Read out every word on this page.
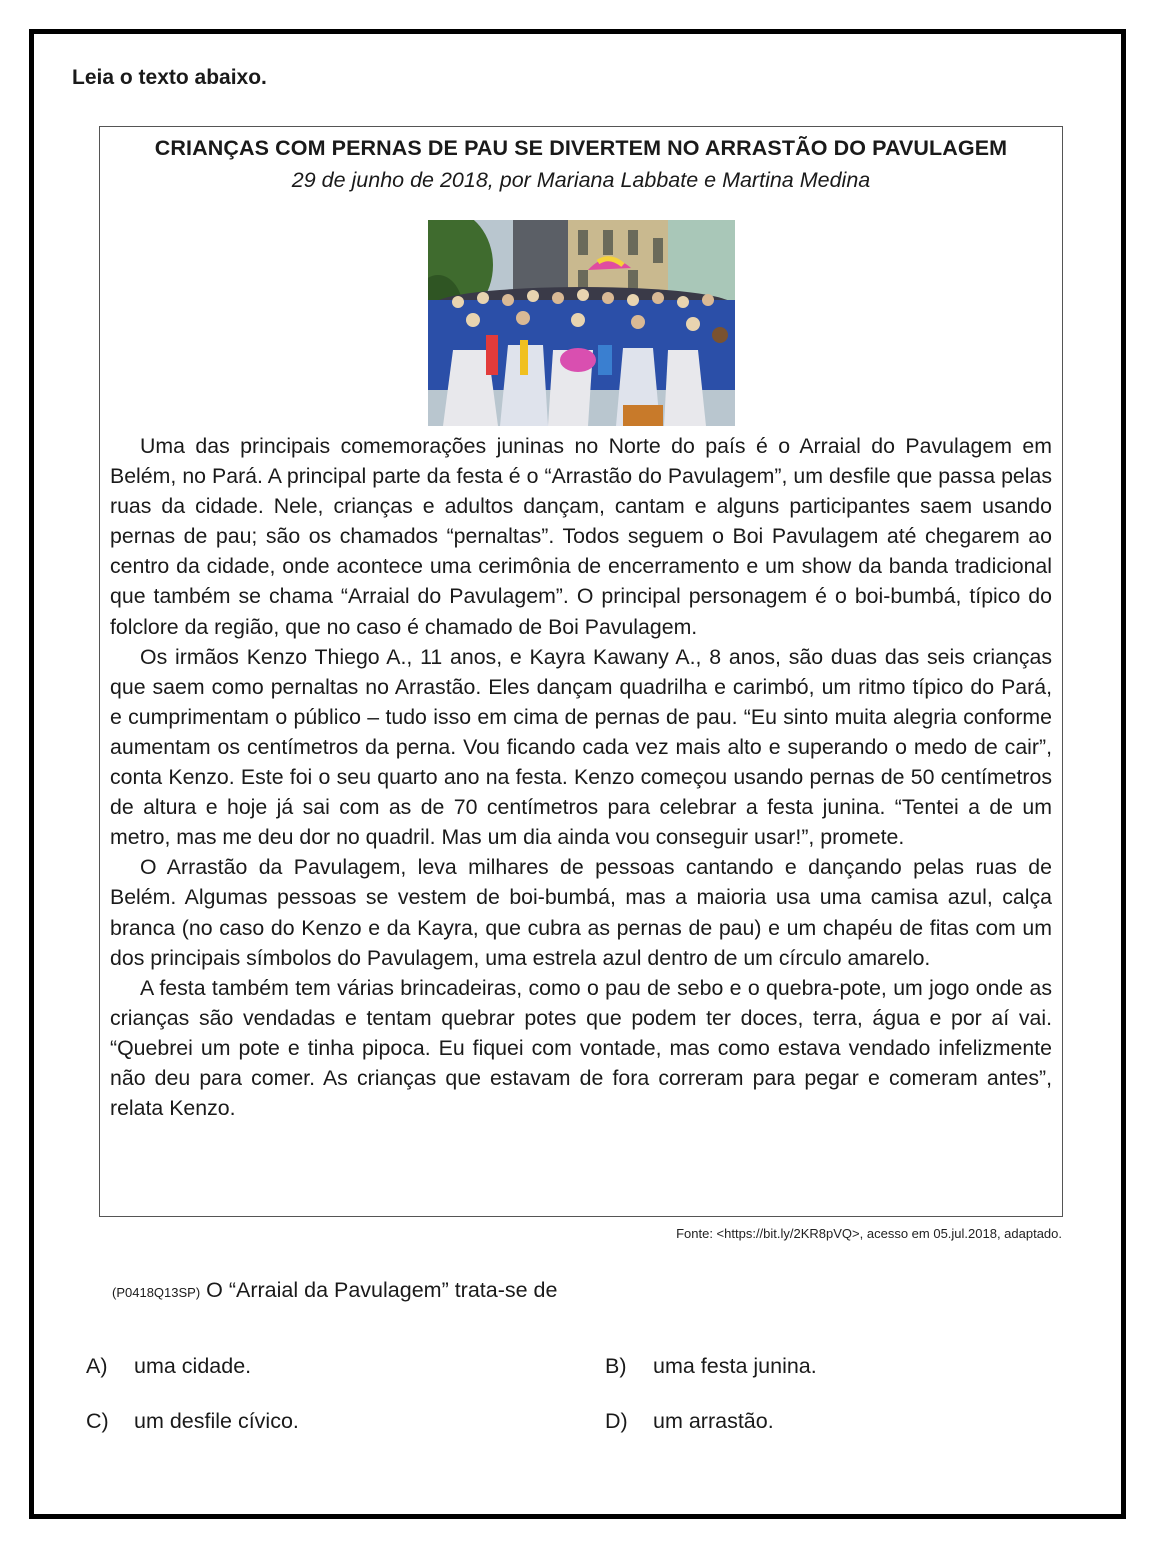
Leia o texto abaixo.

CRIANÇAS COM PERNAS DE PAU SE DIVERTEM NO ARRASTÃO DO PAVULAGEM

29 de junho de 2018, por Mariana Labbate e Martina Medina

Uma das principais comemorações juninas no Norte do país é o Arraial do Pavulagem em Belém, no Pará. A principal parte da festa é o “Arrastão do Pavulagem”, um desfile que passa pelas ruas da cidade. Nele, crianças e adultos dançam, cantam e alguns participantes saem usando pernas de pau; são os chamados “pernaltas”. Todos seguem o Boi Pavulagem até chegarem ao centro da cidade, onde acontece uma cerimônia de encerramento e um show da banda tradicional que também se chama “Arraial do Pavulagem”. O principal personagem é o boi-bumbá, típico do folclore da região, que no caso é chamado de Boi Pavulagem.

Os irmãos Kenzo Thiego A., 11 anos, e Kayra Kawany A., 8 anos, são duas das seis crianças que saem como pernaltas no Arrastão. Eles dançam quadrilha e carimbó, um ritmo típico do Pará, e cumprimentam o público – tudo isso em cima de pernas de pau. “Eu sinto muita alegria conforme aumentam os centímetros da perna. Vou ficando cada vez mais alto e superando o medo de cair”, conta Kenzo. Este foi o seu quarto ano na festa. Kenzo começou usando pernas de 50 centímetros de altura e hoje já sai com as de 70 centímetros para celebrar a festa junina. “Tentei a de um metro, mas me deu dor no quadril. Mas um dia ainda vou conseguir usar!”, promete.

O Arrastão da Pavulagem, leva milhares de pessoas cantando e dançando pelas ruas de Belém. Algumas pessoas se vestem de boi-bumbá, mas a maioria usa uma camisa azul, calça branca (no caso do Kenzo e da Kayra, que cubra as pernas de pau) e um chapéu de fitas com um dos principais símbolos do Pavulagem, uma estrela azul dentro de um círculo amarelo.

A festa também tem várias brincadeiras, como o pau de sebo e o quebra-pote, um jogo onde as crianças são vendadas e tentam quebrar potes que podem ter doces, terra, água e por aí vai. “Quebrei um pote e tinha pipoca. Eu fiquei com vontade, mas como estava vendado infelizmente não deu para comer. As crianças que estavam de fora correram para pegar e comeram antes”, relata Kenzo.

Fonte: <https://bit.ly/2KR8pVQ>, acesso em 05.jul.2018, adaptado.

(P0418Q13SP) O “Arraial da Pavulagem” trata-se de

A) uma cidade.	B) uma festa junina.
C) um desfile cívico.	D) um arrastão.
